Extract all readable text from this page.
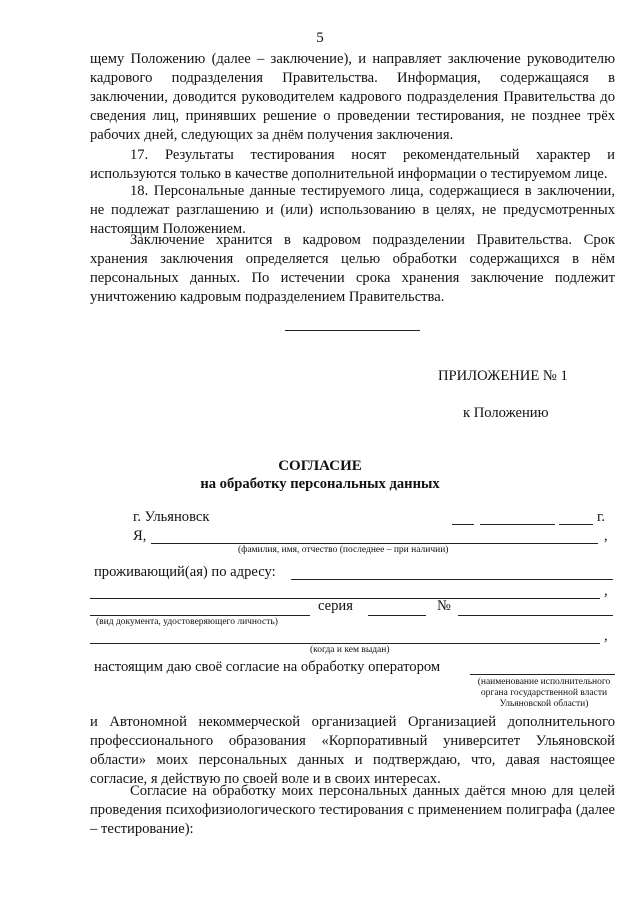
5

щему Положению (далее – заключение), и направляет заключение руководителю кадрового подразделения Правительства. Информация, содержащаяся в заключении, доводится руководителем кадрового подразделения Правительства до сведения лиц, принявших решение о проведении тестирования, не позднее трёх рабочих дней, следующих за днём получения заключения.

17. Результаты тестирования носят рекомендательный характер и используются только в качестве дополнительной информации о тестируемом лице.

18. Персональные данные тестируемого лица, содержащиеся в заключении, не подлежат разглашению и (или) использованию в целях, не предусмотренных настоящим Положением.

Заключение хранится в кадровом подразделении Правительства. Срок хранения заключения определяется целью обработки содержащихся в нём персональных данных. По истечении срока хранения заключение подлежит уничтожению кадровым подразделением Правительства.

ПРИЛОЖЕНИЕ № 1
к Положению
СОГЛАСИЕ
на обработку персональных данных
г. Ульяновск	г.
Я,	,
(фамилия, имя, отчество (последнее – при наличии)
проживающий(ая) по адресу:
,
серия	№
(вид документа, удостоверяющего личность)
,
(когда и кем выдан)
настоящим даю своё согласие на обработку оператором
(наименование исполнительного органа государственной власти Ульяновской области)

и Автономной некоммерческой организацией Организацией дополнительного профессионального образования «Корпоративный университет Ульяновской области» моих персональных данных и подтверждаю, что, давая настоящее согласие, я действую по своей воле и в своих интересах.

Согласие на обработку моих персональных данных даётся мною для целей проведения психофизиологического тестирования с применением полиграфа (далее – тестирование):
